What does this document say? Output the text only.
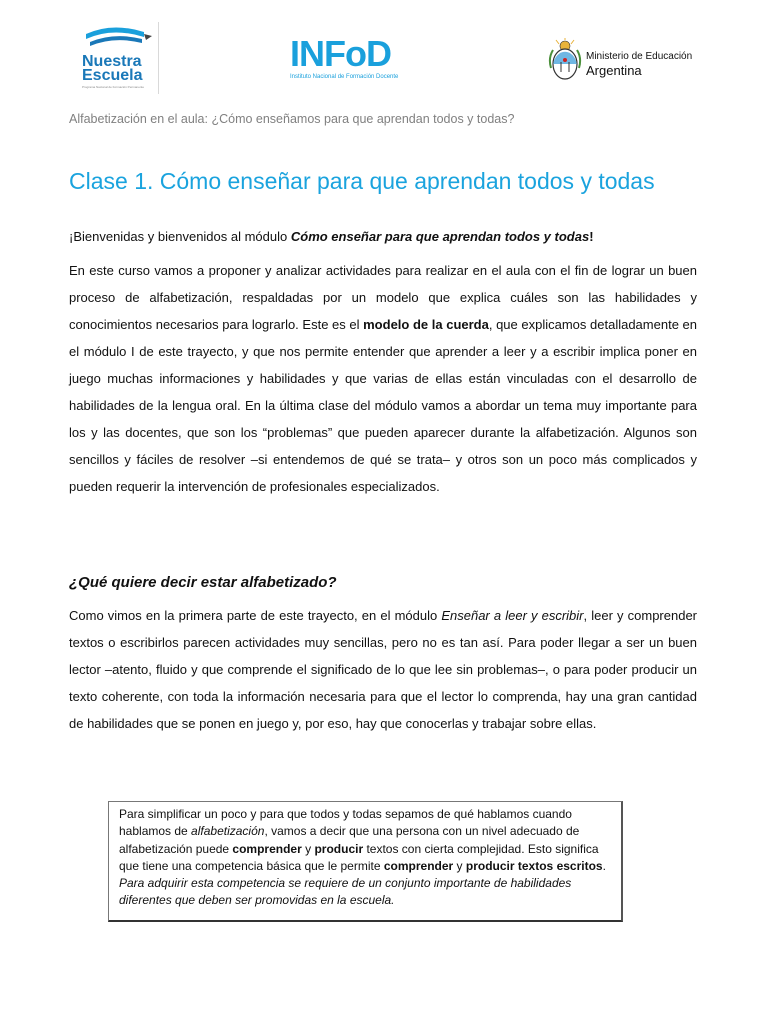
Nuestra
Escuela
Programa Nacional de Formación Permanente
INFoD
Instituto Nacional de Formación Docente
Ministerio de Educación
Argentina
Alfabetización en el aula: ¿Cómo enseñamos para que aprendan todos y todas?
Clase 1. Cómo enseñar para que aprendan todos y todas

¡Bienvenidas y bienvenidos al módulo Cómo enseñar para que aprendan todos y todas!

En este curso vamos a proponer y analizar actividades para realizar en el aula con el fin de lograr un buen proceso de alfabetización, respaldadas por un modelo que explica cuáles son las habilidades y conocimientos necesarios para lograrlo. Este es el modelo de la cuerda, que explicamos detalladamente en el módulo I de este trayecto, y que nos permite entender que aprender a leer y a escribir implica poner en juego muchas informaciones y habilidades y que varias de ellas están vinculadas con el desarrollo de habilidades de la lengua oral. En la última clase del módulo vamos a abordar un tema muy importante para los y las docentes, que son los “problemas” que pueden aparecer durante la alfabetización. Algunos son sencillos y fáciles de resolver –si entendemos de qué se trata– y otros son un poco más complicados y pueden requerir la intervención de profesionales especializados.

¿Qué quiere decir estar alfabetizado?

Como vimos en la primera parte de este trayecto, en el módulo Enseñar a leer y escribir, leer y comprender textos o escribirlos parecen actividades muy sencillas, pero no es tan así. Para poder llegar a ser un buen lector –atento, fluido y que comprende el significado de lo que lee sin problemas–, o para poder producir un texto coherente, con toda la información necesaria para que el lector lo comprenda, hay una gran cantidad de habilidades que se ponen en juego y, por eso, hay que conocerlas y trabajar sobre ellas.

Para simplificar un poco y para que todos y todas sepamos de qué hablamos cuando hablamos de alfabetización, vamos a decir que una persona con un nivel adecuado de alfabetización puede comprender y producir textos con cierta complejidad. Esto significa que tiene una competencia básica que le permite comprender y producir textos escritos. Para adquirir esta competencia se requiere de un conjunto importante de habilidades diferentes que deben ser promovidas en la escuela.
